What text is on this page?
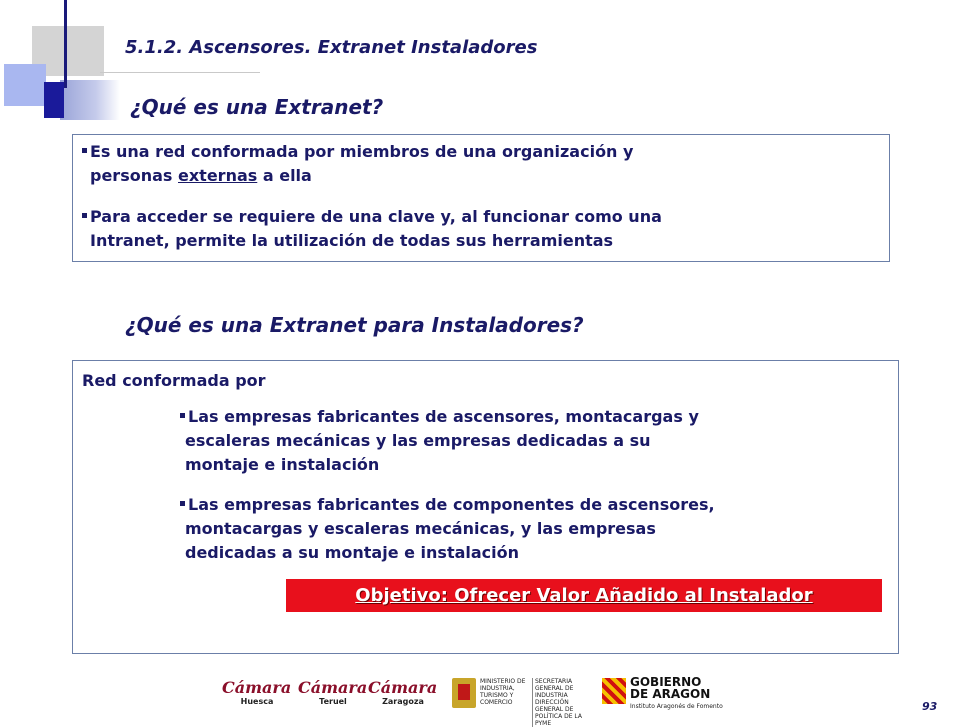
5.1.2. Ascensores. Extranet Instaladores
¿Qué es una Extranet?
Es una red conformada por miembros de una organización y
personas externas a ella
Para acceder se requiere de una clave y, al funcionar como una
Intranet, permite la utilización de todas sus herramientas
¿Qué es una Extranet para Instaladores?
Red conformada por
Las empresas fabricantes de ascensores, montacargas y
escaleras mecánicas y las empresas dedicadas a su
montaje e instalación
Las empresas fabricantes de componentes de ascensores,
montacargas y escaleras mecánicas, y las empresas
dedicadas a su montaje e instalación
Objetivo: Ofrecer Valor Añadido al Instalador
Cámara
Huesca
Cámara
Teruel
Cámara
Zaragoza
MINISTERIO DE INDUSTRIA, TURISMO Y COMERCIO
SECRETARIA GENERAL DE INDUSTRIA DIRECCIÓN GENERAL DE POLÍTICA DE LA PYME
GOBIERNO
DE ARAGON
Instituto Aragonés de Fomento	93
